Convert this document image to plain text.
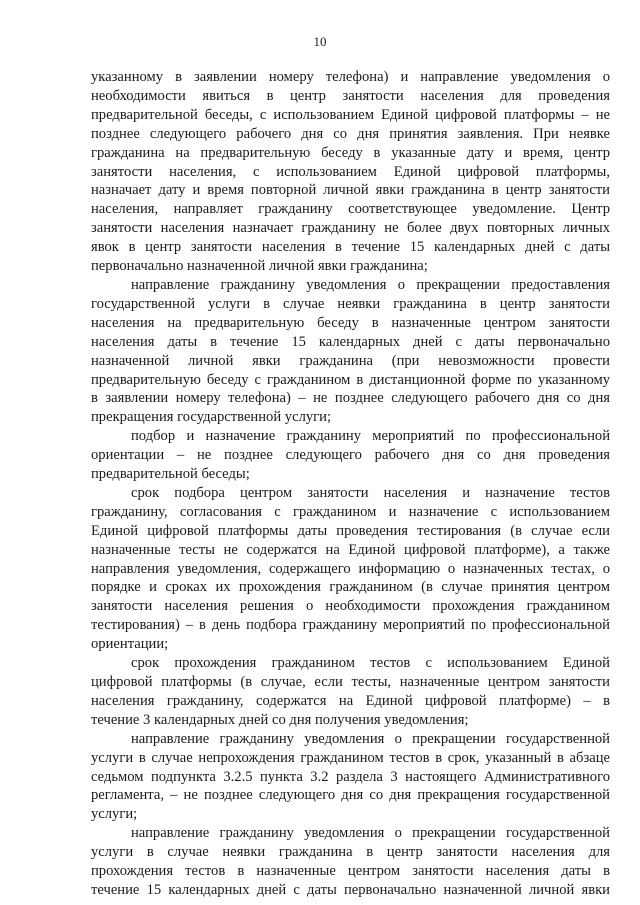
10
указанному в заявлении номеру телефона) и направление уведомления о
необходимости явиться в центр занятости населения для проведения
предварительной беседы, с использованием Единой цифровой платформы – не
позднее следующего рабочего дня со дня принятия заявления. При неявке
гражданина на предварительную беседу в указанные дату и время, центр
занятости населения, с использованием Единой цифровой платформы,
назначает дату и время повторной личной явки гражданина в центр занятости
населения, направляет гражданину соответствующее уведомление. Центр
занятости населения назначает гражданину не более двух повторных личных
явок в центр занятости населения в течение 15 календарных дней с даты
первоначально назначенной личной явки гражданина;
направление гражданину уведомления о прекращении предоставления
государственной услуги в случае неявки гражданина в центр занятости
населения на предварительную беседу в назначенные центром занятости
населения даты в течение 15 календарных дней с даты первоначально
назначенной личной явки гражданина (при невозможности провести
предварительную беседу с гражданином в дистанционной форме по указанному
в заявлении номеру телефона) – не позднее следующего рабочего дня со дня
прекращения государственной услуги;
подбор и назначение гражданину мероприятий по профессиональной
ориентации – не позднее следующего рабочего дня со дня проведения
предварительной беседы;
срок подбора центром занятости населения и назначение тестов
гражданину, согласования с гражданином и назначение с использованием
Единой цифровой платформы даты проведения тестирования (в случае если
назначенные тесты не содержатся на Единой цифровой платформе), а также
направления уведомления, содержащего информацию о назначенных тестах, о
порядке и сроках их прохождения гражданином (в случае принятия центром
занятости населения решения о необходимости прохождения гражданином
тестирования) – в день подбора гражданину мероприятий по профессиональной
ориентации;
срок прохождения гражданином тестов с использованием Единой
цифровой платформы (в случае, если тесты, назначенные центром занятости
населения гражданину, содержатся на Единой цифровой платформе) – в
течение 3 календарных дней со дня получения уведомления;
направление гражданину уведомления о прекращении государственной
услуги в случае непрохождения гражданином тестов в срок, указанный в абзаце
седьмом подпункта 3.2.5 пункта 3.2 раздела 3 настоящего Административного
регламента, – не позднее следующего дня со дня прекращения государственной
услуги;
направление гражданину уведомления о прекращении государственной
услуги в случае неявки гражданина в центр занятости населения для
прохождения тестов в назначенные центром занятости населения даты в
течение 15 календарных дней с даты первоначально назначенной личной явки
